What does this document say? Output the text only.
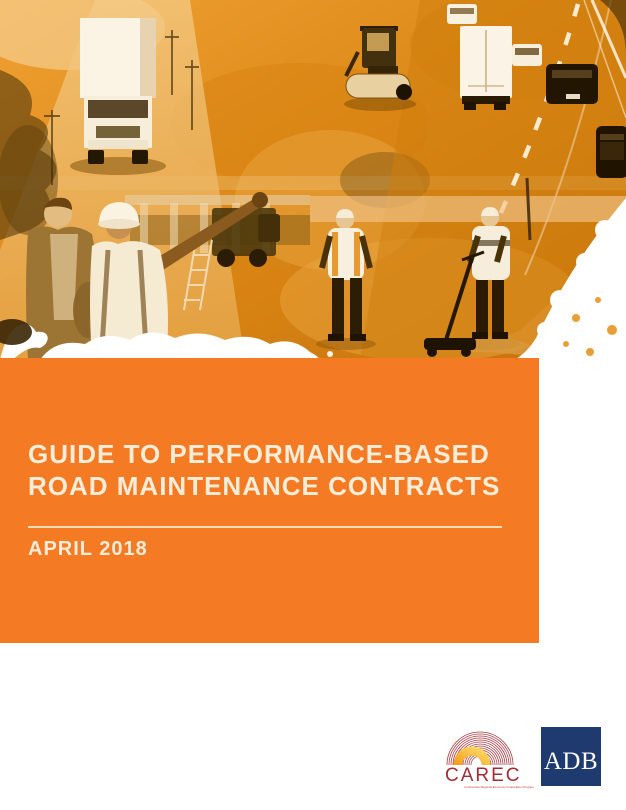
GUIDE TO PERFORMANCE-BASED
ROAD MAINTENANCE CONTRACTS
APRIL 2018
CAREC
Central Asia Regional Economic Cooperation Program
ADB
